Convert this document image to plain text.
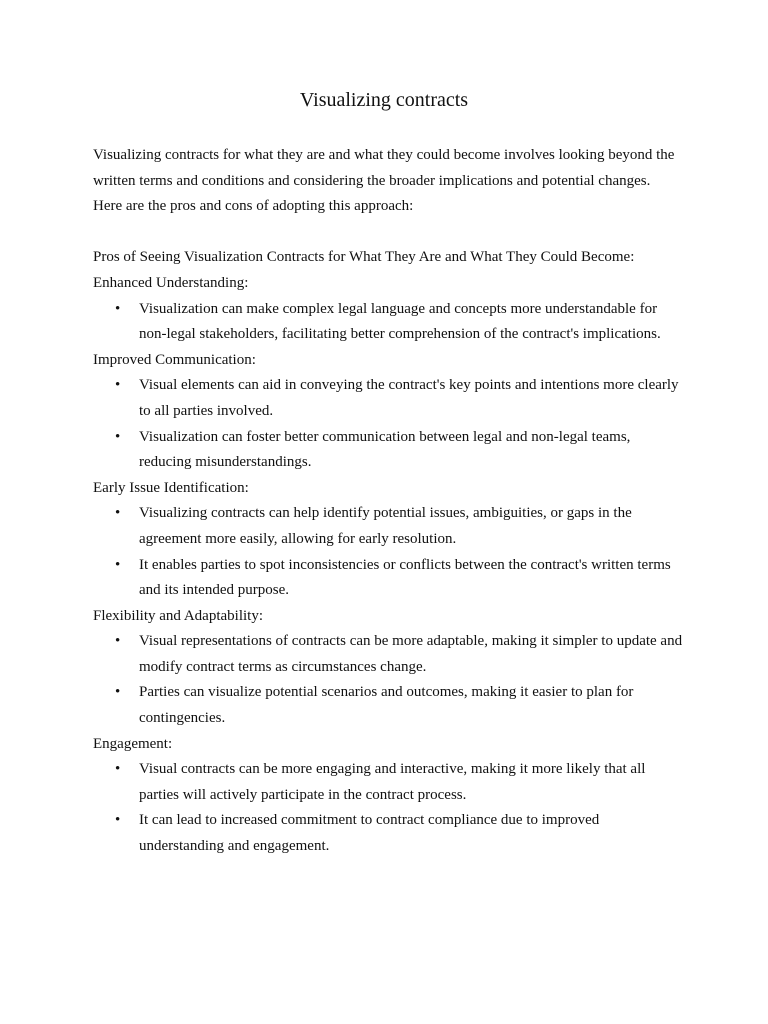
Visualizing contracts

Visualizing contracts for what they are and what they could become involves looking beyond the written terms and conditions and considering the broader implications and potential changes. Here are the pros and cons of adopting this approach:

Pros of Seeing Visualization Contracts for What They Are and What They Could Become:

Enhanced Understanding:

• Visualization can make complex legal language and concepts more understandable for non-legal stakeholders, facilitating better comprehension of the contract's implications.

Improved Communication:

• Visual elements can aid in conveying the contract's key points and intentions more clearly to all parties involved.
• Visualization can foster better communication between legal and non-legal teams, reducing misunderstandings.

Early Issue Identification:

• Visualizing contracts can help identify potential issues, ambiguities, or gaps in the agreement more easily, allowing for early resolution.
• It enables parties to spot inconsistencies or conflicts between the contract's written terms and its intended purpose.

Flexibility and Adaptability:

• Visual representations of contracts can be more adaptable, making it simpler to update and modify contract terms as circumstances change.
• Parties can visualize potential scenarios and outcomes, making it easier to plan for contingencies.

Engagement:

• Visual contracts can be more engaging and interactive, making it more likely that all parties will actively participate in the contract process.
• It can lead to increased commitment to contract compliance due to improved understanding and engagement.
